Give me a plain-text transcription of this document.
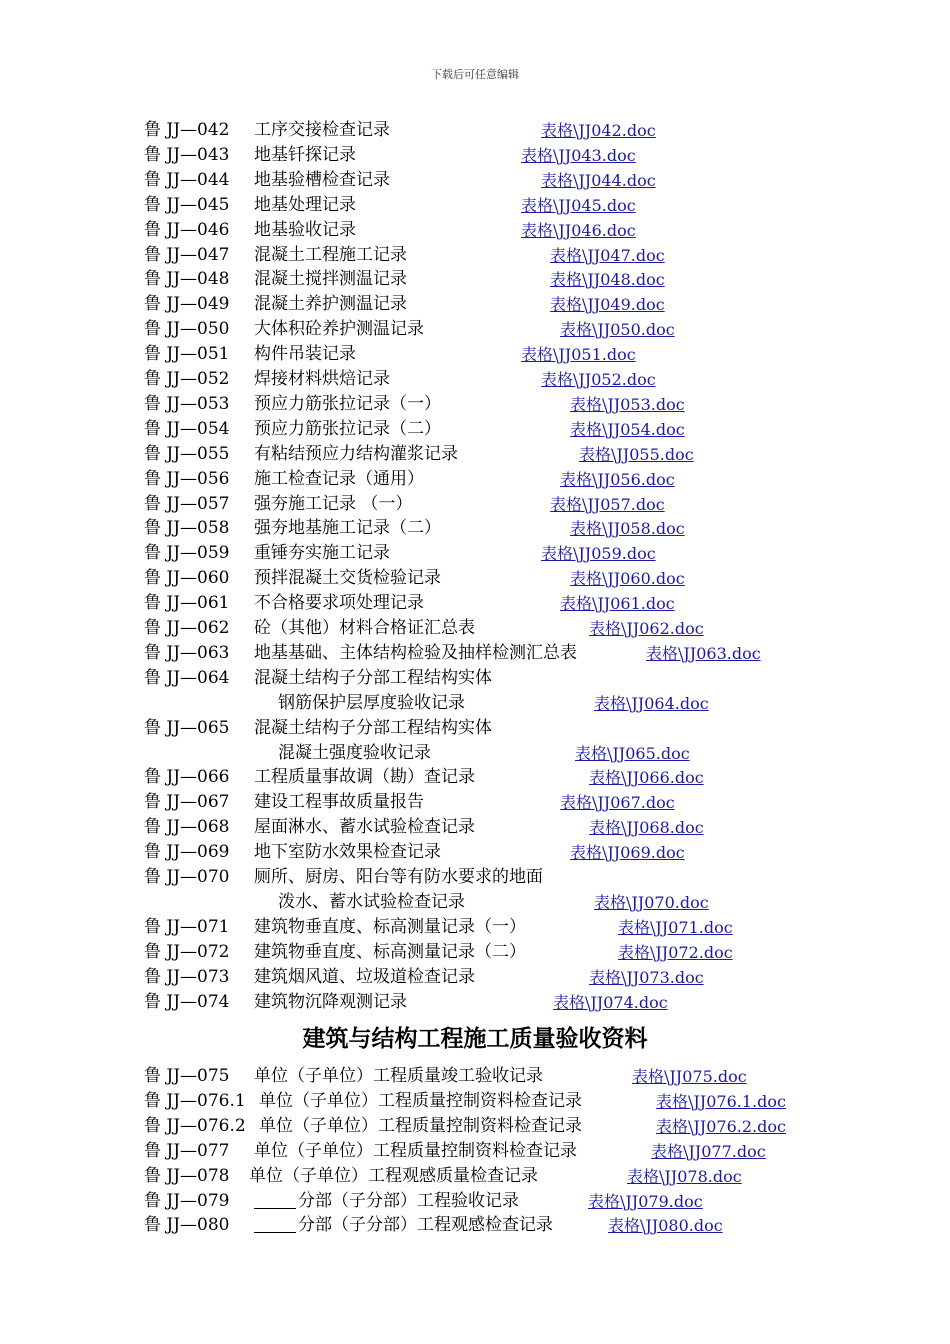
下载后可任意编辑
鲁 JJ—042 工序交接检查记录	表格\JJ042.doc
鲁 JJ—043 地基钎探记录	表格\JJ043.doc
鲁 JJ—044 地基验槽检查记录	表格\JJ044.doc
鲁 JJ—045 地基处理记录	表格\JJ045.doc
鲁 JJ—046 地基验收记录	表格\JJ046.doc
鲁 JJ—047 混凝土工程施工记录	表格\JJ047.doc
鲁 JJ—048 混凝土搅拌测温记录	表格\JJ048.doc
鲁 JJ—049 混凝土养护测温记录	表格\JJ049.doc
鲁 JJ—050 大体积砼养护测温记录	表格\JJ050.doc
鲁 JJ—051 构件吊装记录	表格\JJ051.doc
鲁 JJ—052 焊接材料烘焙记录	表格\JJ052.doc
鲁 JJ—053 预应力筋张拉记录（一）	表格\JJ053.doc
鲁 JJ—054 预应力筋张拉记录（二）	表格\JJ054.doc
鲁 JJ—055 有粘结预应力结构灌浆记录	表格\JJ055.doc
鲁 JJ—056 施工检查记录（通用）	表格\JJ056.doc
鲁 JJ—057 强夯施工记录 （一）	表格\JJ057.doc
鲁 JJ—058 强夯地基施工记录（二）	表格\JJ058.doc
鲁 JJ—059 重锤夯实施工记录	表格\JJ059.doc
鲁 JJ—060 预拌混凝土交货检验记录	表格\JJ060.doc
鲁 JJ—061 不合格要求项处理记录	表格\JJ061.doc
鲁 JJ—062 砼（其他）材料合格证汇总表	表格\JJ062.doc
鲁 JJ—063 地基基础、主体结构检验及抽样检测汇总表	表格\JJ063.doc
鲁 JJ—064 混凝土结构子分部工程结构实体
钢筋保护层厚度验收记录	表格\JJ064.doc
鲁 JJ—065 混凝土结构子分部工程结构实体
混凝土强度验收记录	表格\JJ065.doc
鲁 JJ—066 工程质量事故调（勘）查记录	表格\JJ066.doc
鲁 JJ—067 建设工程事故质量报告	表格\JJ067.doc
鲁 JJ—068 屋面淋水、蓄水试验检查记录	表格\JJ068.doc
鲁 JJ—069 地下室防水效果检查记录	表格\JJ069.doc
鲁 JJ—070 厕所、厨房、阳台等有防水要求的地面
泼水、蓄水试验检查记录	表格\JJ070.doc
鲁 JJ—071 建筑物垂直度、标高测量记录（一）	表格\JJ071.doc
鲁 JJ—072 建筑物垂直度、标高测量记录（二）	表格\JJ072.doc
鲁 JJ—073 建筑烟风道、垃圾道检查记录	表格\JJ073.doc
鲁 JJ—074 建筑物沉降观测记录	表格\JJ074.doc
建筑与结构工程施工质量验收资料
鲁 JJ—075 单位（子单位）工程质量竣工验收记录	表格\JJ075.doc
鲁 JJ—076.1 单位（子单位）工程质量控制资料检查记录	表格\JJ076.1.doc
鲁 JJ—076.2 单位（子单位）工程质量控制资料检查记录	表格\JJ076.2.doc
鲁 JJ—077 单位（子单位）工程质量控制资料检查记录	表格\JJ077.doc
鲁 JJ—078 单位（子单位）工程观感质量检查记录	表格\JJ078.doc
鲁 JJ—079	分部（子分部）工程验收记录	表格\JJ079.doc
鲁 JJ—080	分部（子分部）工程观感检查记录	表格\JJ080.doc
